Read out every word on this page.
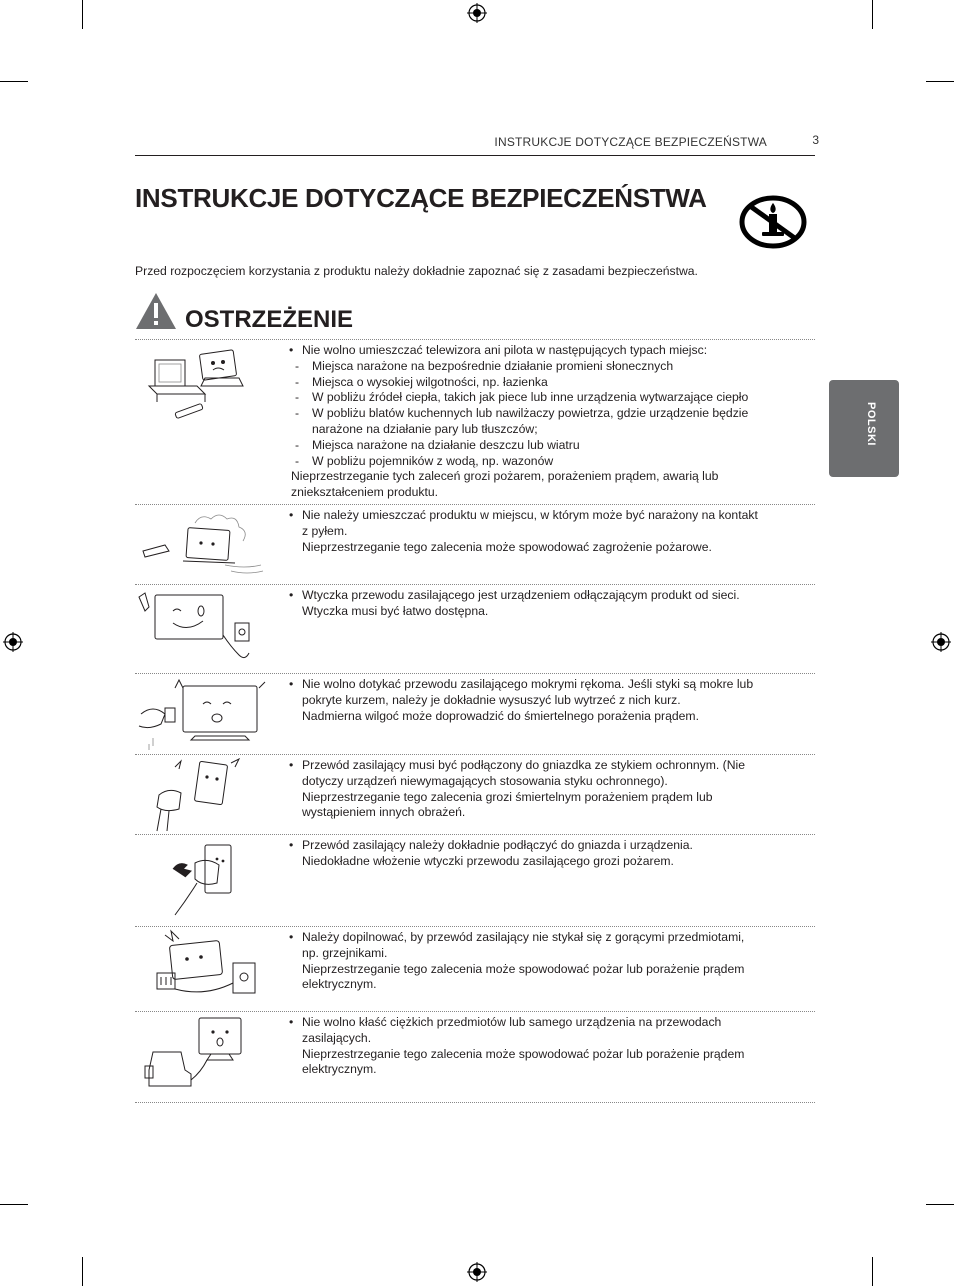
INSTRUKCJE DOTYCZĄCE BEZPIECZEŃSTWA	3
INSTRUKCJE DOTYCZĄCE BEZPIECZEŃSTWA

Przed rozpoczęciem korzystania z produktu należy dokładnie zapoznać się z zasadami bezpieczeństwa.

OSTRZEŻENIE
POLSKI
• Nie wolno umieszczać telewizora ani pilota w następujących typach miejsc:
- Miejsca narażone na bezpośrednie działanie promieni słonecznych
- Miejsca o wysokiej wilgotności, np. łazienka
- W pobliżu źródeł ciepła, takich jak piece lub inne urządzenia wytwarzające ciepło
- W pobliżu blatów kuchennych lub nawilżaczy powietrza, gdzie urządzenie będzie
narażone na działanie pary lub tłuszczów;
- Miejsca narażone na działanie deszczu lub wiatru
- W pobliżu pojemników z wodą, np. wazonów
Nieprzestrzeganie tych zaleceń grozi pożarem, porażeniem prądem, awarią lub
zniekształceniem produktu.
• Nie należy umieszczać produktu w miejscu, w którym może być narażony na kontakt
z pyłem.
Nieprzestrzeganie tego zalecenia może spowodować zagrożenie pożarowe.
• Wtyczka przewodu zasilającego jest urządzeniem odłączającym produkt od sieci.
Wtyczka musi być łatwo dostępna.
• Nie wolno dotykać przewodu zasilającego mokrymi rękoma. Jeśli styki są mokre lub
pokryte kurzem, należy je dokładnie wysuszyć lub wytrzeć z nich kurz.
Nadmierna wilgoć może doprowadzić do śmiertelnego porażenia prądem.
• Przewód zasilający musi być podłączony do gniazdka ze stykiem ochronnym. (Nie
dotyczy urządzeń niewymagających stosowania styku ochronnego).
Nieprzestrzeganie tego zalecenia grozi śmiertelnym porażeniem prądem lub
wystąpieniem innych obrażeń.
• Przewód zasilający należy dokładnie podłączyć do gniazda i urządzenia.
Niedokładne włożenie wtyczki przewodu zasilającego grozi pożarem.
• Należy dopilnować, by przewód zasilający nie stykał się z gorącymi przedmiotami,
np. grzejnikami.
Nieprzestrzeganie tego zalecenia może spowodować pożar lub porażenie prądem
elektrycznym.
• Nie wolno kłaść ciężkich przedmiotów lub samego urządzenia na przewodach
zasilających.
Nieprzestrzeganie tego zalecenia może spowodować pożar lub porażenie prądem
elektrycznym.
